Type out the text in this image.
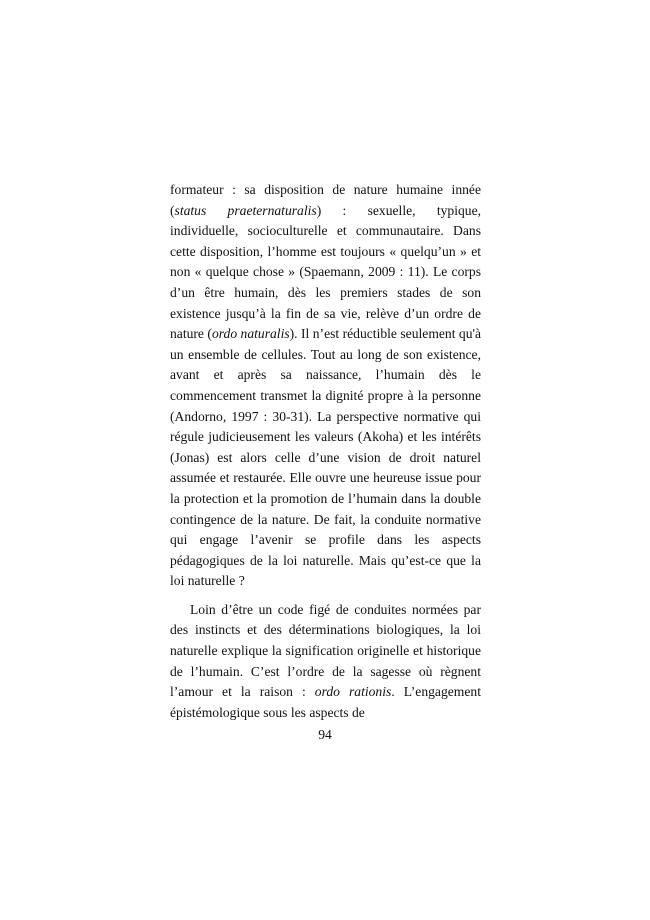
formateur : sa disposition de nature humaine innée (status praeternaturalis) : sexuelle, typique, individuelle, socioculturelle et communautaire. Dans cette disposition, l’homme est toujours « quelqu’un » et non « quelque chose » (Spaemann, 2009 : 11). Le corps d’un être humain, dès les premiers stades de son existence jusqu’à la fin de sa vie, relève d’un ordre de nature (ordo naturalis). Il n’est réductible seulement qu'à un ensemble de cellules. Tout au long de son existence, avant et après sa naissance, l’humain dès le commencement transmet la dignité propre à la personne (Andorno, 1997 : 30-31). La perspective normative qui régule judicieusement les valeurs (Akoha) et les intérêts (Jonas) est alors celle d’une vision de droit naturel assumée et restaurée. Elle ouvre une heureuse issue pour la protection et la promotion de l’humain dans la double contingence de la nature. De fait, la conduite normative qui engage l’avenir se profile dans les aspects pédagogiques de la loi naturelle. Mais qu’est-ce que la loi naturelle ?

Loin d’être un code figé de conduites normées par des instincts et des déterminations biologiques, la loi naturelle explique la signification originelle et historique de l’humain. C’est l’ordre de la sagesse où règnent l’amour et la raison : ordo rationis. L’engagement épistémologique sous les aspects de

94
